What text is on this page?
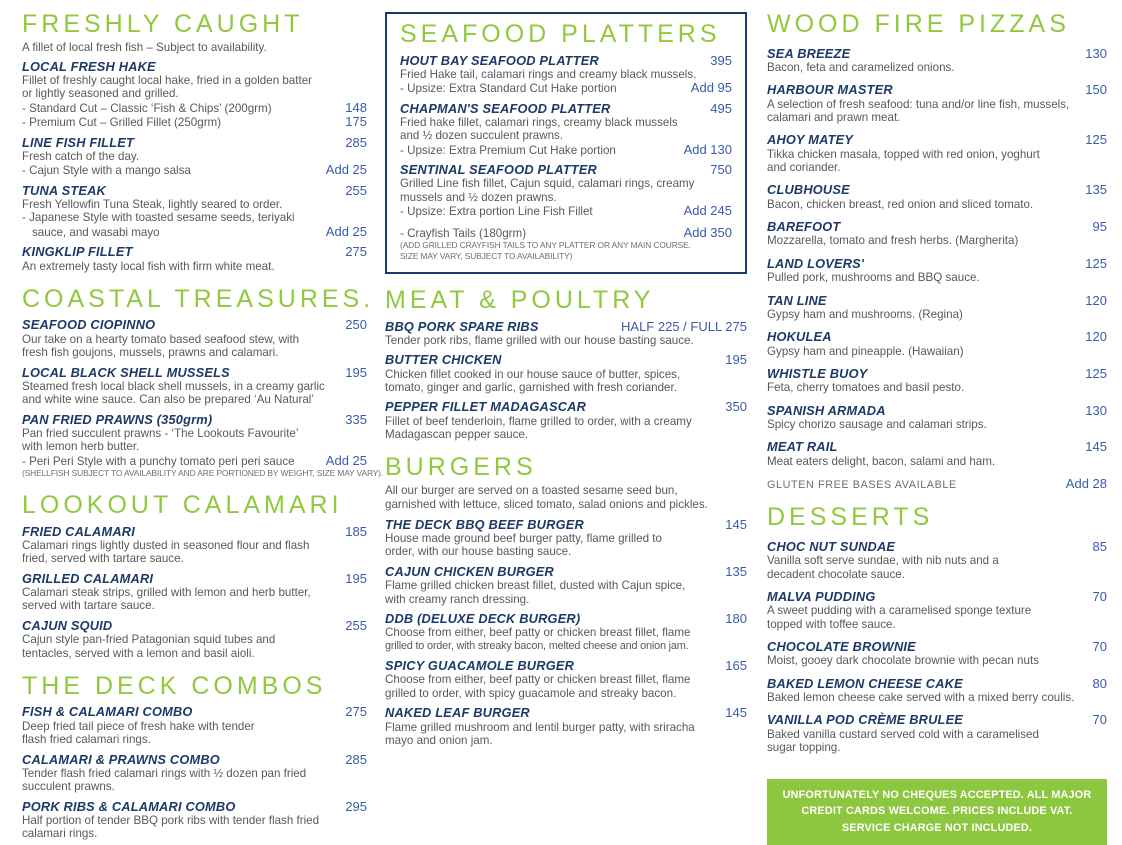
FRESHLY CAUGHT
A fillet of local fresh fish – Subject to availability.
LOCAL FRESH HAKE
Fillet of freshly caught local hake, fried in a golden batter
or lightly seasoned and grilled.
- Standard Cut – Classic ‘Fish & Chips’ (200grm)	148
- Premium Cut – Grilled Fillet (250grm)	175
LINE FISH FILLET	285
Fresh catch of the day.
- Cajun Style with a mango salsa	Add 25
TUNA STEAK	255
Fresh Yellowfin Tuna Steak, lightly seared to order.
- Japanese Style with toasted sesame seeds, teriyaki
sauce, and wasabi mayo	Add 25
KINGKLIP FILLET	275
An extremely tasty local fish with firm white meat.
COASTAL TREASURES.
SEAFOOD CIOPINNO	250
Our take on a hearty tomato based seafood stew, with
fresh fish goujons, mussels, prawns and calamari.
LOCAL BLACK SHELL MUSSELS	195
Steamed fresh local black shell mussels, in a creamy garlic
and white wine sauce. Can also be prepared ‘Au Natural’
PAN FRIED PRAWNS (350grm)	335
Pan fried succulent prawns - ‘The Lookouts Favourite’
with lemon herb butter.
- Peri Peri Style with a punchy tomato peri peri sauce Add 25
(SHELLFISH SUBJECT TO AVAILABILITY AND ARE PORTIONED BY WEIGHT, SIZE MAY VARY).
LOOKOUT CALAMARI
FRIED CALAMARI	185
Calamari rings lightly dusted in seasoned flour and flash
fried, served with tartare sauce.
GRILLED CALAMARI	195
Calamari steak strips, grilled with lemon and herb butter,
served with tartare sauce.
CAJUN SQUID	255
Cajun style pan-fried Patagonian squid tubes and
tentacles, served with a lemon and basil aioli.
THE DECK COMBOS
FISH & CALAMARI COMBO	275
Deep fried tail piece of fresh hake with tender
flash fried calamari rings.
CALAMARI & PRAWNS COMBO	285
Tender flash fried calamari rings with ½ dozen pan fried
succulent prawns.
PORK RIBS & CALAMARI COMBO	295
Half portion of tender BBQ pork ribs with tender flash fried
calamari rings.
SEAFOOD PLATTERS
HOUT BAY SEAFOOD PLATTER	395
Fried Hake tail, calamari rings and creamy black mussels.
- Upsize: Extra Standard Cut Hake portion	Add 95
CHAPMAN'S SEAFOOD PLATTER	495
Fried hake fillet, calamari rings, creamy black mussels
and ½ dozen succulent prawns.
- Upsize: Extra Premium Cut Hake portion	Add 130
SENTINAL SEAFOOD PLATTER	750
Grilled Line fish fillet, Cajun squid, calamari rings, creamy
mussels and ½ dozen prawns.
- Upsize: Extra portion Line Fish Fillet	Add 245
- Crayfish Tails (180grm)	Add 350
(ADD GRILLED CRAYFISH TAILS TO ANY PLATTER OR ANY MAIN COURSE.
SIZE MAY VARY, SUBJECT TO AVAILABILITY)
MEAT & POULTRY
BBQ PORK SPARE RIBS	HALF 225 / FULL 275
Tender pork ribs, flame grilled with our house basting sauce.
BUTTER CHICKEN	195
Chicken fillet cooked in our house sauce of butter, spices,
tomato, ginger and garlic, garnished with fresh coriander.
PEPPER FILLET MADAGASCAR	350
Fillet of beef tenderloin, flame grilled to order, with a creamy
Madagascan pepper sauce.
BURGERS
All our burger are served on a toasted sesame seed bun,
garnished with lettuce, sliced tomato, salad onions and pickles.
THE DECK BBQ BEEF BURGER	145
House made ground beef burger patty, flame grilled to
order, with our house basting sauce.
CAJUN CHICKEN BURGER	135
Flame grilled chicken breast fillet, dusted with Cajun spice,
with creamy ranch dressing.
DDB (DELUXE DECK BURGER)	180
Choose from either, beef patty or chicken breast fillet, flame
grilled to order, with streaky bacon, melted cheese and onion jam.
SPICY GUACAMOLE BURGER	165
Choose from either, beef patty or chicken breast fillet, flame
grilled to order, with spicy guacamole and streaky bacon.
NAKED LEAF BURGER	145
Flame grilled mushroom and lentil burger patty, with sriracha
mayo and onion jam.
WOOD FIRE PIZZAS
SEA BREEZE	130
Bacon, feta and caramelized onions.
HARBOUR MASTER	150
A selection of fresh seafood: tuna and/or line fish, mussels,
calamari and prawn meat.
AHOY MATEY	125
Tikka chicken masala, topped with red onion, yoghurt
and coriander.
CLUBHOUSE	135
Bacon, chicken breast, red onion and sliced tomato.
BAREFOOT	95
Mozzarella, tomato and fresh herbs. (Margherita)
LAND LOVERS'	125
Pulled pork, mushrooms and BBQ sauce.
TAN LINE	120
Gypsy ham and mushrooms. (Regina)
HOKULEA	120
Gypsy ham and pineapple. (Hawaiian)
WHISTLE BUOY	125
Feta, cherry tomatoes and basil pesto.
SPANISH ARMADA	130
Spicy chorizo sausage and calamari strips.
MEAT RAIL	145
Meat eaters delight, bacon, salami and ham.
GLUTEN FREE BASES AVAILABLE	Add 28
DESSERTS
CHOC NUT SUNDAE	85
Vanilla soft serve sundae, with nib nuts and a
decadent chocolate sauce.
MALVA PUDDING	70
A sweet pudding with a caramelised sponge texture
topped with toffee sauce.
CHOCOLATE BROWNIE	70
Moist, gooey dark chocolate brownie with pecan nuts
BAKED LEMON CHEESE CAKE	80
Baked lemon cheese cake served with a mixed berry coulis.
VANILLA POD CRÈME BRULEE	70
Baked vanilla custard served cold with a caramelised
sugar topping.
UNFORTUNATELY NO CHEQUES ACCEPTED. ALL MAJOR
CREDIT CARDS WELCOME. PRICES INCLUDE VAT.
SERVICE CHARGE NOT INCLUDED.
